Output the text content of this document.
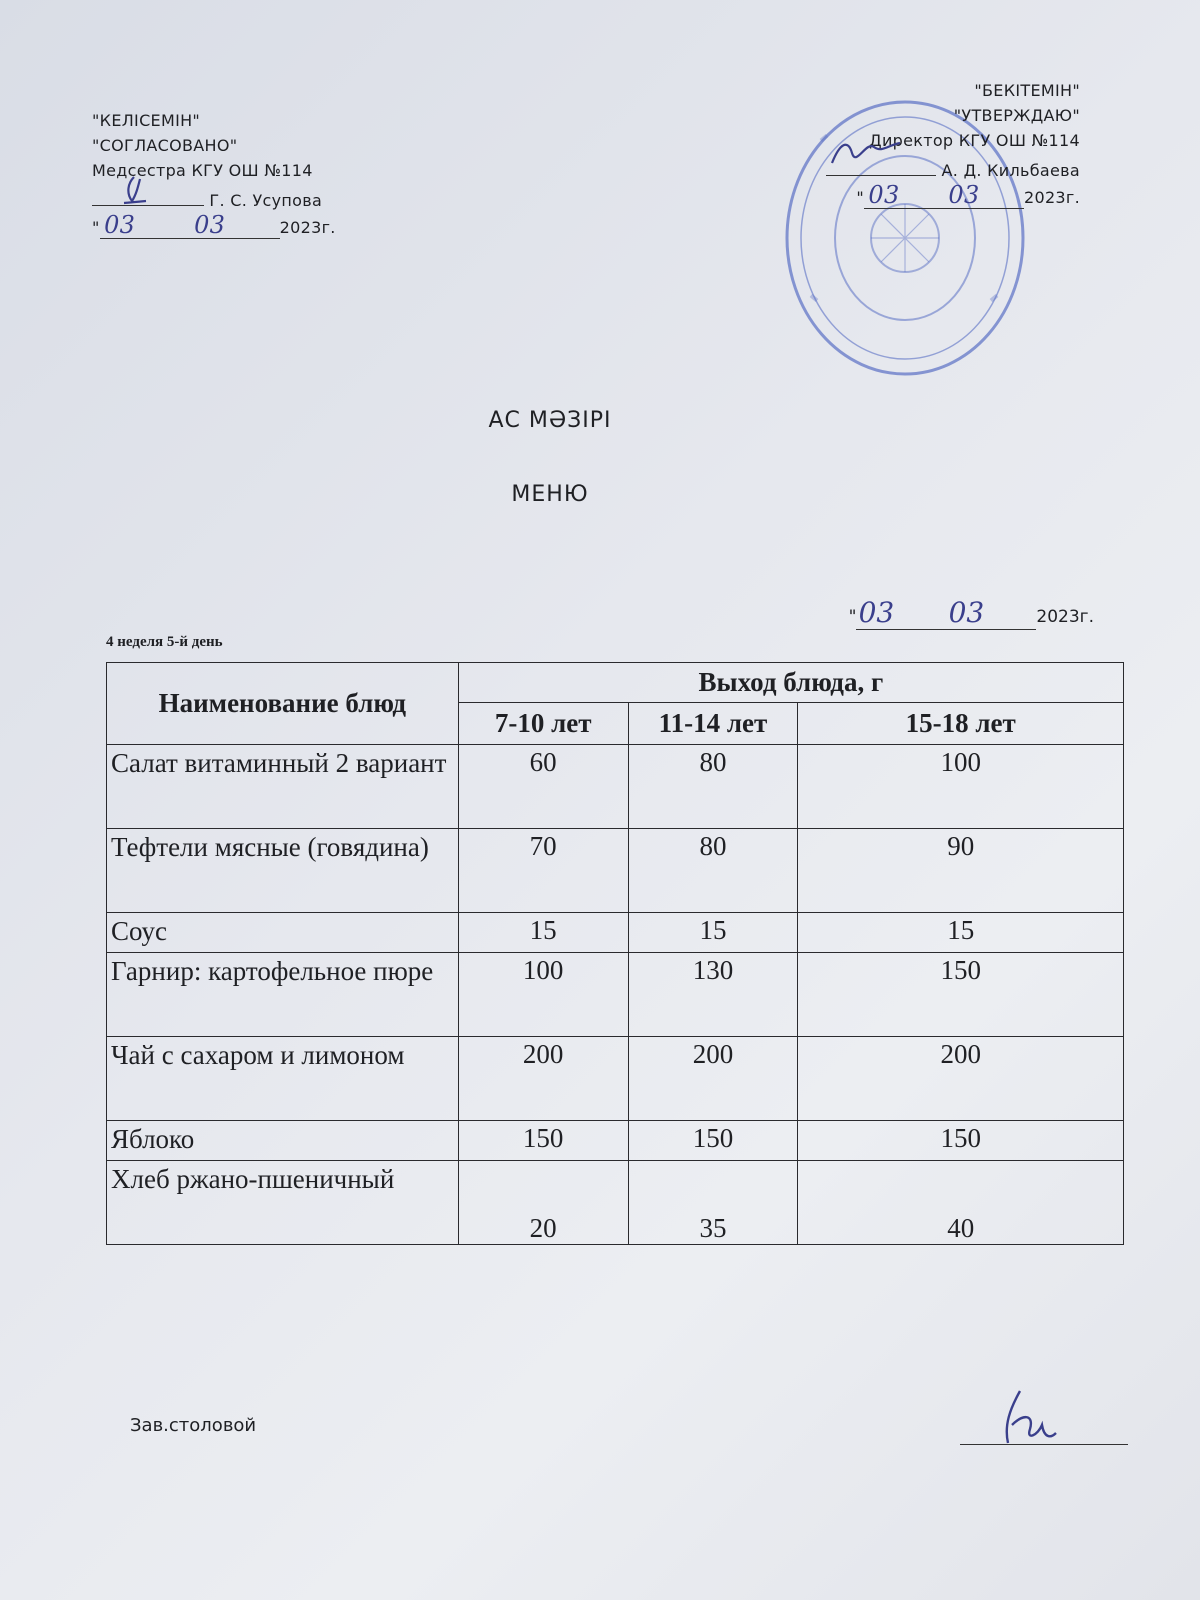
"КЕЛІСЕМІН"
"СОГЛАСОВАНО"
Медсестра КГУ ОШ №114
Г. С. Усупова
" 03 03	2023г.
"БЕКІТЕМІН"
"УТВЕРЖДАЮ"
Директор КГУ ОШ №114
А. Д. Кильбаева
" 03 03	2023г.
АС МӘЗІРІ
МЕНЮ
4 неделя 5-й день
"03 03	2023г.
Наименование блюд	Выход блюда, г		
	7-10 лет	11-14 лет	15-18 лет
Салат витаминный 2 вариант	60	80	100
Тефтели мясные (говядина)	70	80	90
Соус	15	15	15
Гарнир: картофельное пюре	100	130	150
Чай с сахаром и лимоном	200	200	200
Яблоко	150	150	150
Хлеб ржано-пшеничный	20	35	40
Зав.столовой
